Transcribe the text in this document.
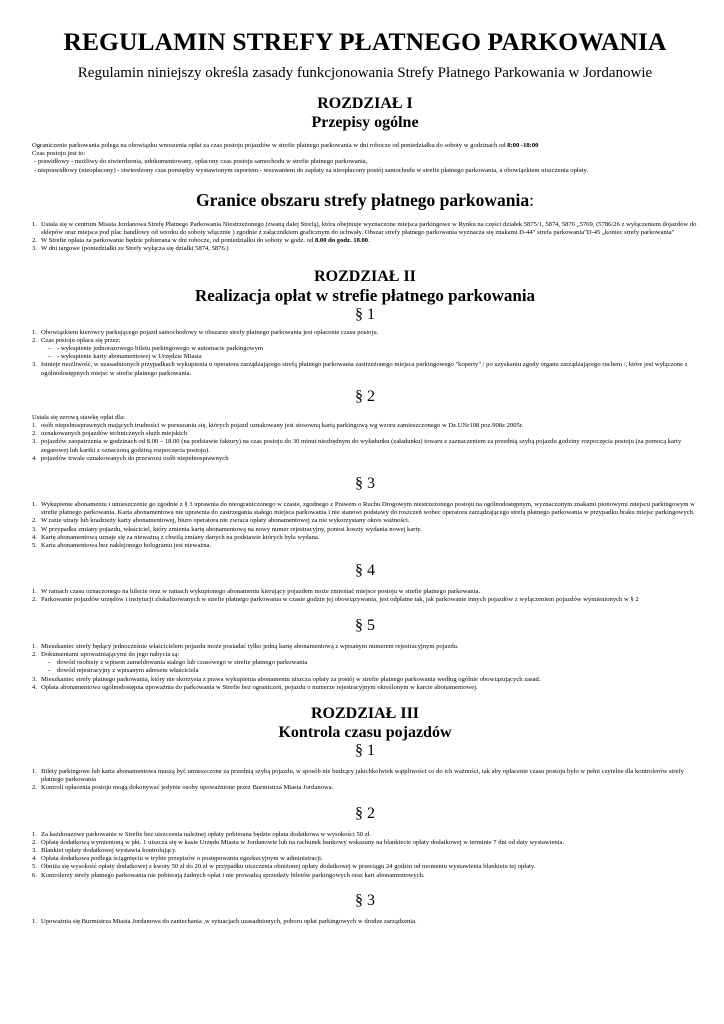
REGULAMIN STREFY PŁATNEGO PARKOWANIA

Regulamin niniejszy określa zasady funkcjonowania Strefy Płatnego Parkowania w Jordanowie

ROZDZIAŁ I

Przepisy ogólne

Ograniczenie parkowania polega na obowiązku wnoszenia opłat za czas postoju pojazdów w strefie płatnego parkowania w dni robocze od poniedziałku do soboty w godzinach od 8:00 -18:00

Czas postoju jest to:

- prawidłowy - możliwy do stwierdzenia, udokumentowany, opłacony czas postoju samochodu w strefie płatnego parkowania,

- nieprawidłowy (nieopłacony) - stwierdzony czas pomiędzy wystawionym raportem - wezwaniem do zapłaty za nieopłacony postój samochodu w strefie płatnego parkowania, a obowiązkiem uiszczenia opłaty.

Granice obszaru strefy płatnego parkowania:

1. Ustala się w centrum Miasta Jordanowa Strefę Płatnego Parkowania Niestrzeżonego (zwaną dalej Strefą), która obejmuje wyznaczone miejsca parkingowe w Rynku na części działek 5875/1, 5874, 5876 „5769, (5786/26 z wyłączeniem dojazdów do sklepów oraz miejsca pod plac handlowy od wtorku do soboty włącznie ) zgodnie z załącznikiem graficznym do uchwały. Obszar strefy płatnego parkowania wyznacza się znakami D-44" strefa parkowania"D-45 „koniec strefy parkowania"
2. W Strefie opłata za parkowanie będzie pobierana w dni robocze, od poniedziałku do soboty w godz. od 8.00 do godz. 18.00.
3. W dni targowe (poniedziałki ze Strefy wyłącza się działki 5874, 5876.)

ROZDZIAŁ II

Realizacja opłat w strefie płatnego parkowania

§ 1

1. Obowiązkiem kierowcy parkującego pojazd samochodowy w obszarze strefy płatnego parkowania jest opłacenie czasu postoju.
2. Czas postoju opłaca się przez:
– - wykupienie jednorazowego biletu parkingowego w automacie parkingowym
– - wykupienie karty abonamentowej w Urzędzie Miasta
3. Istnieje możliwość, w uzasadnionych przypadkach wykupienia u operatora zarządzającego strefą płatnego parkowania zastrzeżonego miejsca parkingowego "koperty" / po uzyskaniu zgody organu zarządzającego ruchem /, które jest wyłączone z ogólnodostępnych miejsc w strefie płatnego parkowania.

§ 2

Ustala się zerową stawkę opłat dla:

1. osób niepełnosprawnych mających trudności w poruszaniu się, których pojazd oznakowany jest stosowną kartą parkingową wg wzoru zamieszczonego w Dz.UNr108 poz.908z 2005r.
2. oznakowanych pojazdów technicznych służb miejskich
3. pojazdów zaopatrzenia w godzinach od 8.00 – 18.00 (na podstawie faktury) na czas postoju do 30 minut niezbędnym do wyładunku (załadunku) towaru z zaznaczeniem za przednią szybą pojazdu godziny rozpoczęcia postoju (za pomocą karty zegarowej lub kartki z oznaczoną godziną rozpoczęcia postoju).
4. pojazdów trwale oznakowanych do przewozu osób niepełnosprawnych

§ 3

1. Wykupienie abonamentu i umieszczenie go zgodnie z § 3 uprawnia do nieograniczonego w czasie, zgodnego z Prawem o Ruchu Drogowym niestrzeżonego postoju na ogólnodostępnym, wyznaczonym znakami pionowymi miejscu parkingowym w strefie płatnego parkowania. Karta abonamentowa nie uprawnia do zastrzegania stałego miejsca parkowania i nie stanowi podstawy do roszczeń wobec operatora zarządzającego strefą płatnego parkowania w przypadku braku miejsc parkingowych.
2. W razie utraty lub kradzieży karty abonamentowej, biuro operatora nie zwraca opłaty abonamentowej za nie wykorzystany okres ważności.
3. W przypadku zmiany pojazdu, właściciel, który zmienia kartę abonamentową na nowy numer rejestracyjny, ponosi koszty wydania nowej karty.
4. Kartę abonamentową uznaje się za nieważną z chwilą zmiany danych na podstawie których była wydana.
5. Karta abonamentowa bez naklejonego hologramu jest nieważna.

§ 4

1. W ramach czasu oznaczonego na bilecie oraz w ramach wykupionego abonamentu kierujący pojazdem może zmieniać miejsce postoju w strefie płatnego parkowania.
2. Parkowanie pojazdów urzędów i instytucji zlokalizowanych w strefie płatnego parkowania w czasie godzin jej obowiązywania, jest odpłatne tak, jak parkowanie innych pojazdów z wyłączeniem pojazdów wymienionych w § 2

§ 5

1. Mieszkaniec strefy będący jednocześnie właścicielem pojazdu może posiadać tylko jedną kartę abonamentową z wpisanym numerem rejestracyjnym pojazdu.
2. Dokumentami upoważniającymi do jego nabycia są:
- dowód osobisty z wpisem zameldowania stałego lub czasowego w strefie płatnego parkowania
- dowód rejestracyjny z wpisanym adresem właściciela
3. Mieszkaniec strefy płatnego parkowania, który nie skorzysta z prawa wykupienia abonamentu uiszcza opłaty za postój w strefie płatnego parkowania według ogólnie obowiązujących zasad.
4. Opłata abonamentowa ogólnodostępna upoważnia do parkowania w Strefie bez ograniczeń, pojazdu o numerze rejestracyjnym określonym w karcie abonamentowej.

ROZDZIAŁ III

Kontrola czasu pojazdów

§ 1

1. Bilety parkingowe lub karta abonamentowa muszą być umieszczone za przednią szybą pojazdu, w sposób nie budzący jakichkolwiek wątpliwości co do ich ważności, tak aby opłacenie czasu postoju było w pełni czytelne dla kontrolerów strefy płatnego parkowania
2. Kontroli opłacenia postoju mogą dokonywać jedynie osoby upoważnione przez Burmistrza Miasta Jordanowa.

§ 2

1. Za każdorazowe parkowanie w Strefie bez uiszczenia należnej opłaty pobierana będzie opłata dodatkowa w wysokości 50 zł.
2. Opłatę dodatkową wymienioną w pkt. 1 uiszcza się w kasie Urzędu Miasta w Jordanowie lub na rachunek bankowy wskazany na blankiecie opłaty dodatkowej w terminie 7 dni od daty wystawienia.
3. Blankiet opłaty dodatkowej wystawia kontrolujący.
4. Opłata dodatkowa podlega ściągnięciu w trybie przepisów o postępowaniu egzekucyjnym w administracji.
5. Obniża się wysokość opłaty dodatkowej z kwoty 50 zł do 20 zł w przypadku uiszczenia obniżonej opłaty dodatkowej w przeciągu 24 godzin od momentu wystawienia blankietu tej opłaty.
6. Kontrolerzy strefy płatnego parkowania nie pobierają żadnych opłat i nie prowadzą sprzedaży biletów parkingowych oraz kart abonamentowych.

§ 3

1. Upoważnia się Burmistrza Miasta Jordanowa do zaniechania ,w sytuacjach uzasadnionych, poboru opłat parkingowych w drodze zarządzenia.
